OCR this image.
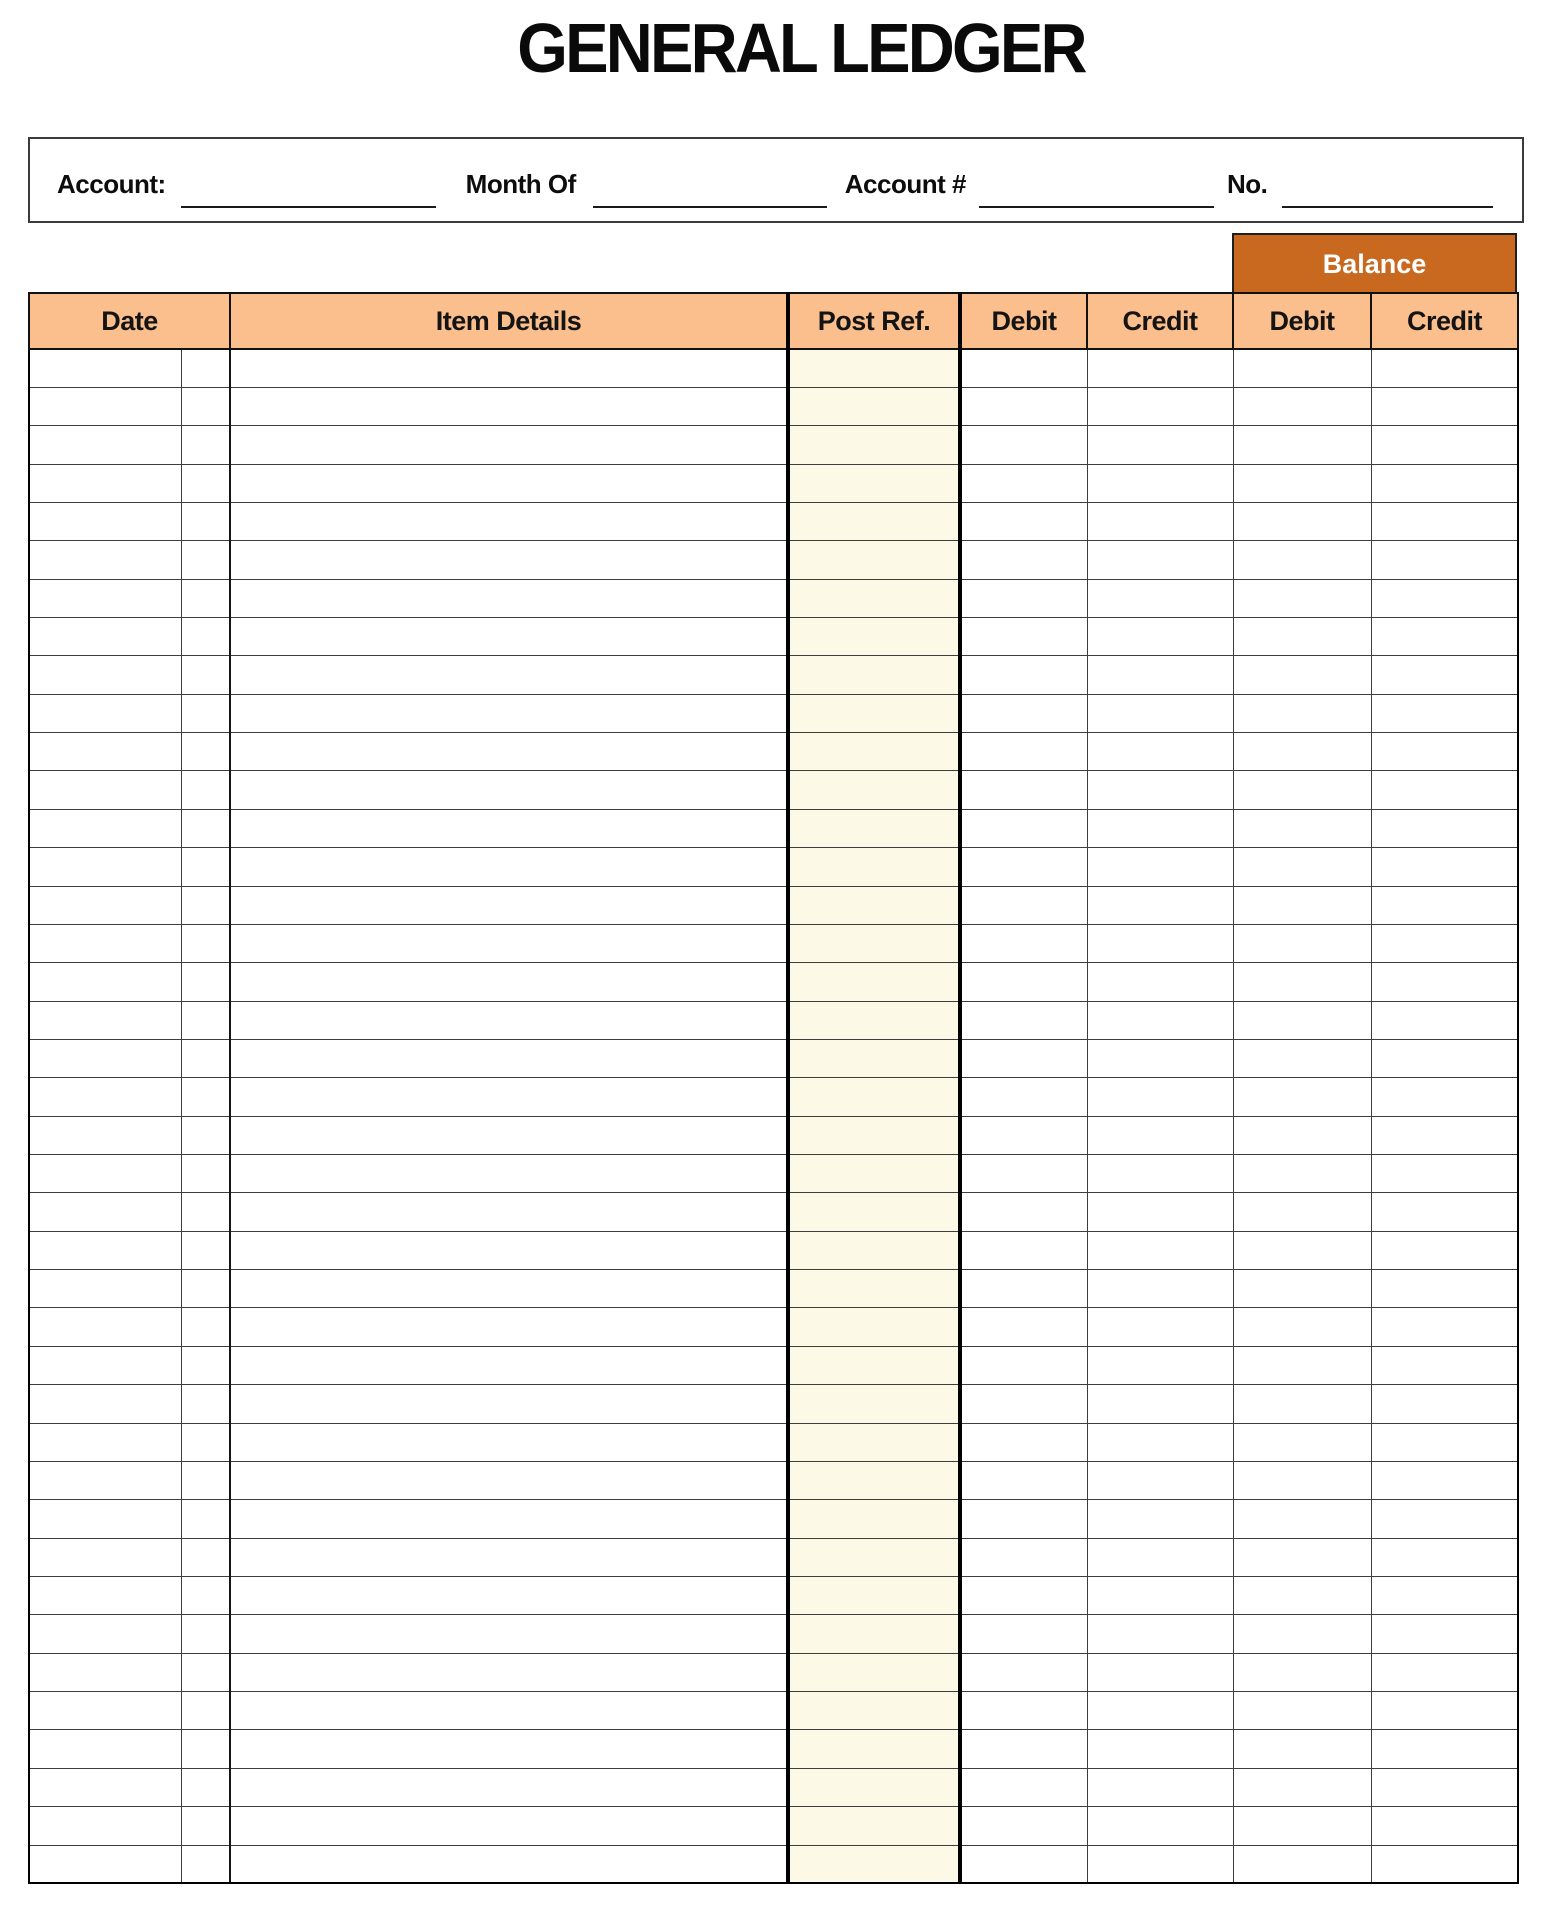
GENERAL LEDGER
Account:	Month Of	Account #	No.
Balance
Date		Item Details	Post Ref.	Debit	Credit	Debit	Credit
